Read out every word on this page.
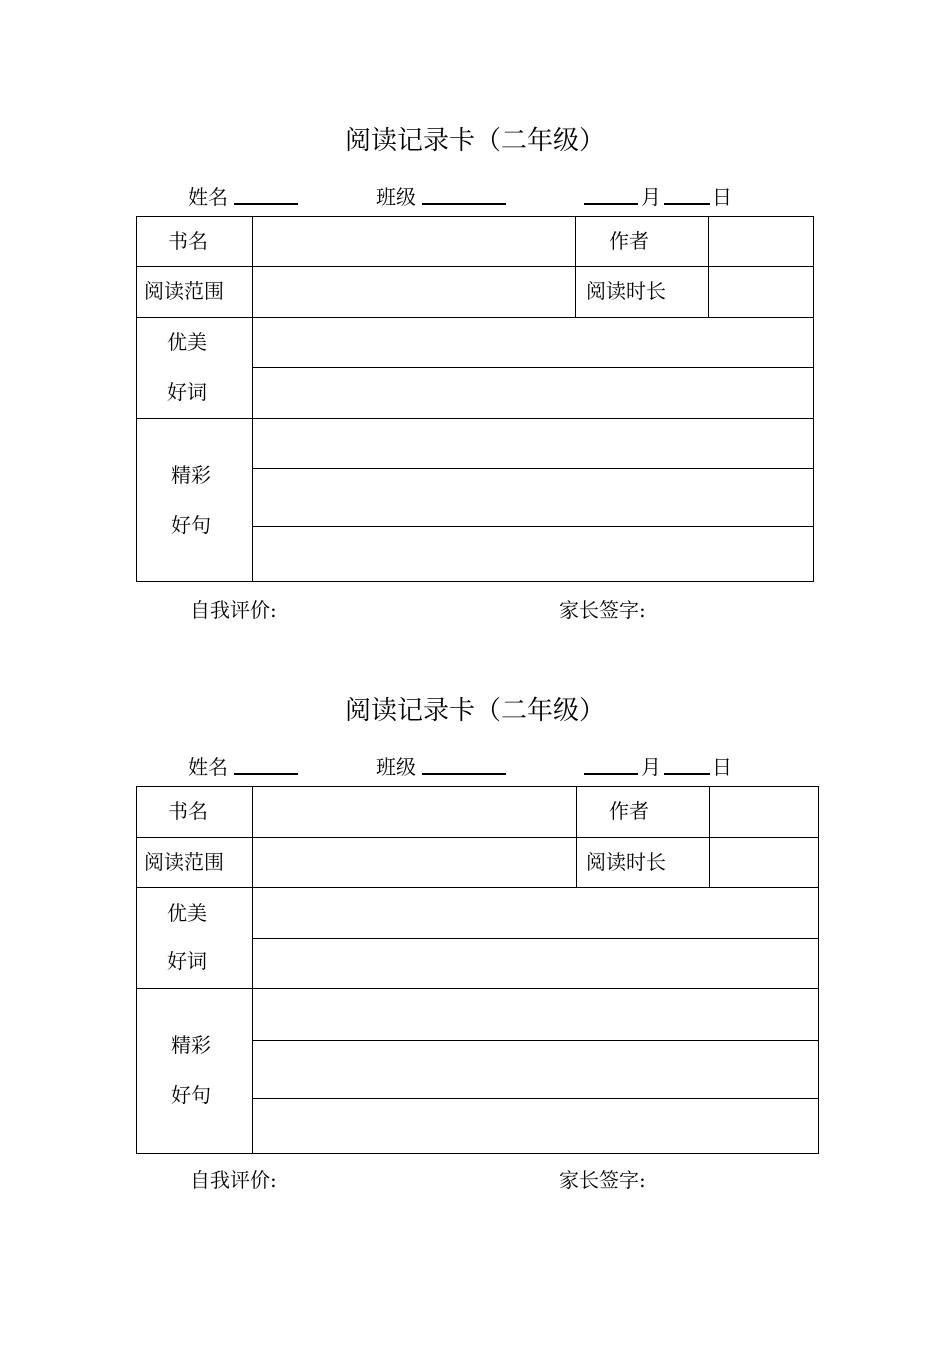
阅读记录卡（二年级）
姓名	班级	月	日
书名	作者
阅读范围	阅读时长
优美
好词
精彩
好句
自我评价:	家长签字:
阅读记录卡（二年级）
姓名	班级	月	日
书名	作者
阅读范围	阅读时长
优美
好词
精彩
好句
自我评价:	家长签字:
